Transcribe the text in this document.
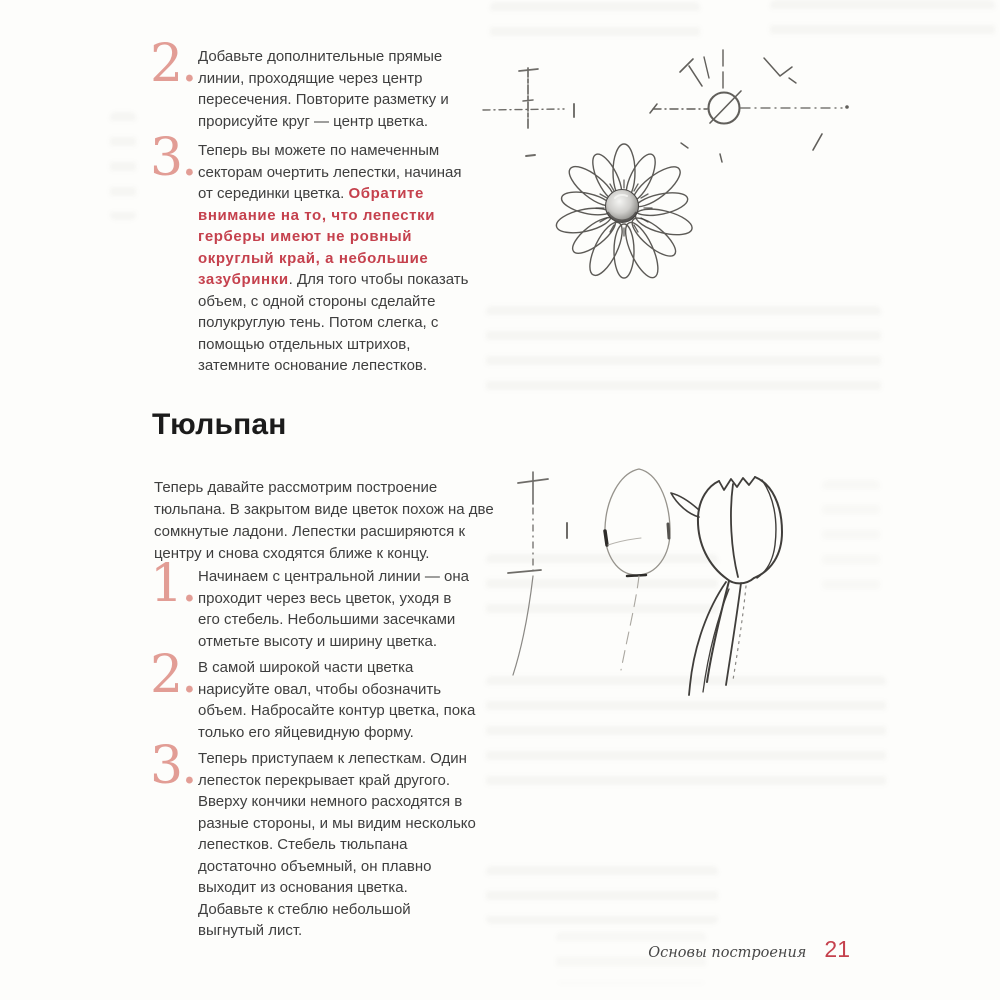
2. Добавьте дополнительные прямые линии, проходящие через центр пересечения. Повторите разметку и прорисуйте круг — центр цветка.

3. Теперь вы можете по намеченным секторам очертить лепестки, начиная от серединки цветка. Обратите внимание на то, что лепестки герберы имеют не ровный округлый край, а небольшие зазубринки. Для того чтобы показать объем, с одной стороны сделайте полукруглую тень. Потом слегка, с помощью отдельных штрихов, затемните основание лепестков.

Тюльпан

Теперь давайте рассмотрим построение тюльпана. В закрытом виде цветок похож на две сомкнутые ладони. Лепестки расширяются к центру и снова сходятся ближе к концу.

1. Начинаем с центральной линии — она проходит через весь цветок, уходя в его стебель. Небольшими засечками отметьте высоту и ширину цветка.

2. В самой широкой части цветка нарисуйте овал, чтобы обозначить объем. Набросайте контур цветка, пока только его яйцевидную форму.

3. Теперь приступаем к лепесткам. Один лепесток перекрывает край другого. Вверху кончики немного расходятся в разные стороны, и мы видим несколько лепестков. Стебель тюльпана достаточно объемный, он плавно выходит из основания цветка. Добавьте к стеблю небольшой выгнутый лист.

Основы построения 21
